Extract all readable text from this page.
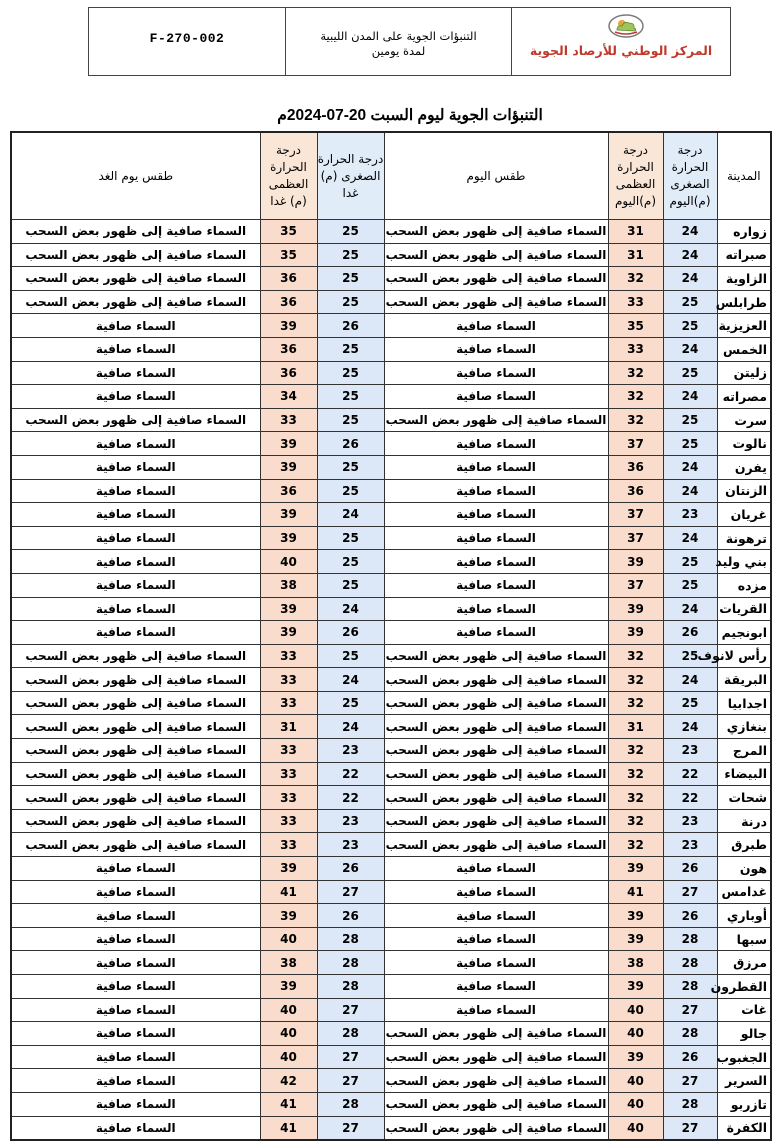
F-270-002	التنبؤات الجوية على المدن الليبية
لمدة يومين	المركز الوطني للأرصاد الجوية
التنبؤات الجوية ليوم السبت 20-07-2024م
المدينة	درجة الحرارة الصغرى (م)اليوم	درجة الحرارة العظمى (م)اليوم	طقس اليوم	درجة الحرارة الصغرى (م) غدا	درجة الحرارة العظمى (م) غدا	طقس يوم الغد
زواره	24	31	السماء صافية إلى ظهور بعض السحب	25	35	السماء صافية إلى ظهور بعض السحب
صبراته	24	31	السماء صافية إلى ظهور بعض السحب	25	35	السماء صافية إلى ظهور بعض السحب
الزاوية	24	32	السماء صافية إلى ظهور بعض السحب	25	36	السماء صافية إلى ظهور بعض السحب
طرابلس	25	33	السماء صافية إلى ظهور بعض السحب	25	36	السماء صافية إلى ظهور بعض السحب
العزيزية	25	35	السماء صافية	26	39	السماء صافية
الخمس	24	33	السماء صافية	25	36	السماء صافية
زليتن	25	32	السماء صافية	25	36	السماء صافية
مصراته	24	32	السماء صافية	25	34	السماء صافية
سرت	25	32	السماء صافية إلى ظهور بعض السحب	25	33	السماء صافية إلى ظهور بعض السحب
نالوت	25	37	السماء صافية	26	39	السماء صافية
يفرن	24	36	السماء صافية	25	39	السماء صافية
الزنتان	24	36	السماء صافية	25	36	السماء صافية
غريان	23	37	السماء صافية	24	39	السماء صافية
ترهونة	24	37	السماء صافية	25	39	السماء صافية
بني وليد	25	39	السماء صافية	25	40	السماء صافية
مزده	25	37	السماء صافية	25	38	السماء صافية
القريات	24	39	السماء صافية	24	39	السماء صافية
ابونجيم	26	39	السماء صافية	26	39	السماء صافية
رأس لانوف	25	32	السماء صافية إلى ظهور بعض السحب	25	33	السماء صافية إلى ظهور بعض السحب
البريقة	24	32	السماء صافية إلى ظهور بعض السحب	24	33	السماء صافية إلى ظهور بعض السحب
اجدابيا	25	32	السماء صافية إلى ظهور بعض السحب	25	33	السماء صافية إلى ظهور بعض السحب
بنغازي	24	31	السماء صافية إلى ظهور بعض السحب	24	31	السماء صافية إلى ظهور بعض السحب
المرج	23	32	السماء صافية إلى ظهور بعض السحب	23	33	السماء صافية إلى ظهور بعض السحب
البيضاء	22	32	السماء صافية إلى ظهور بعض السحب	22	33	السماء صافية إلى ظهور بعض السحب
شحات	22	32	السماء صافية إلى ظهور بعض السحب	22	33	السماء صافية إلى ظهور بعض السحب
درنة	23	32	السماء صافية إلى ظهور بعض السحب	23	33	السماء صافية إلى ظهور بعض السحب
طبرق	23	32	السماء صافية إلى ظهور بعض السحب	23	33	السماء صافية إلى ظهور بعض السحب
هون	26	39	السماء صافية	26	39	السماء صافية
غدامس	27	41	السماء صافية	27	41	السماء صافية
أوباري	26	39	السماء صافية	26	39	السماء صافية
سبها	28	39	السماء صافية	28	40	السماء صافية
مرزق	28	38	السماء صافية	28	38	السماء صافية
القطرون	28	39	السماء صافية	28	39	السماء صافية
غات	27	40	السماء صافية	27	40	السماء صافية
جالو	28	40	السماء صافية إلى ظهور بعض السحب	28	40	السماء صافية
الجغبوب	26	39	السماء صافية إلى ظهور بعض السحب	27	40	السماء صافية
السرير	27	40	السماء صافية إلى ظهور بعض السحب	27	42	السماء صافية
تازربو	28	40	السماء صافية إلى ظهور بعض السحب	28	41	السماء صافية
الكفرة	27	40	السماء صافية إلى ظهور بعض السحب	27	41	السماء صافية
